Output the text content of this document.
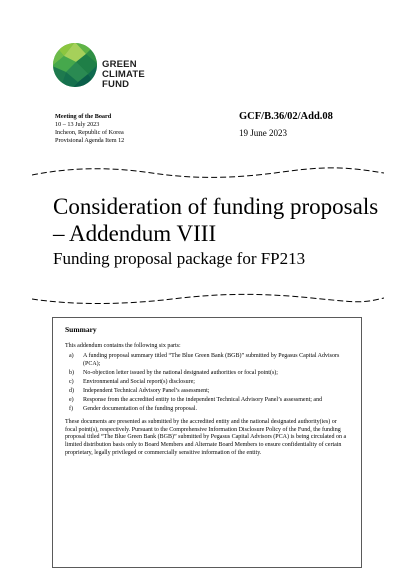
GREEN
CLIMATE
FUND
Meeting of the Board
10 – 13 July 2023
Incheon, Republic of Korea
Provisional Agenda Item 12
GCF/B.36/02/Add.08
19 June 2023
Consideration of funding proposals – Addendum VIII
Funding proposal package for FP213
Summary
This addendum contains the following six parts:
a)	A funding proposal summary titled “The Blue Green Bank (BGB)” submitted by Pegasus Capital Advisors (PCA);
b)	No-objection letter issued by the national designated authorities or focal point(s);
c)	Environmental and Social report(s) disclosure;
d)	Independent Technical Advisory Panel’s assessment;
e)	Response from the accredited entity to the independent Technical Advisory Panel’s assessment; and
f)	Gender documentation of the funding proposal.
These documents are presented as submitted by the accredited entity and the national designated authority(ies) or focal point(s), respectively. Pursuant to the Comprehensive Information Disclosure Policy of the Fund, the funding proposal titled “The Blue Green Bank (BGB)” submitted by Pegasus Capital Advisors (PCA) is being circulated on a limited distribution basis only to Board Members and Alternate Board Members to ensure confidentiality of certain proprietary, legally privileged or commercially sensitive information of the entity.
